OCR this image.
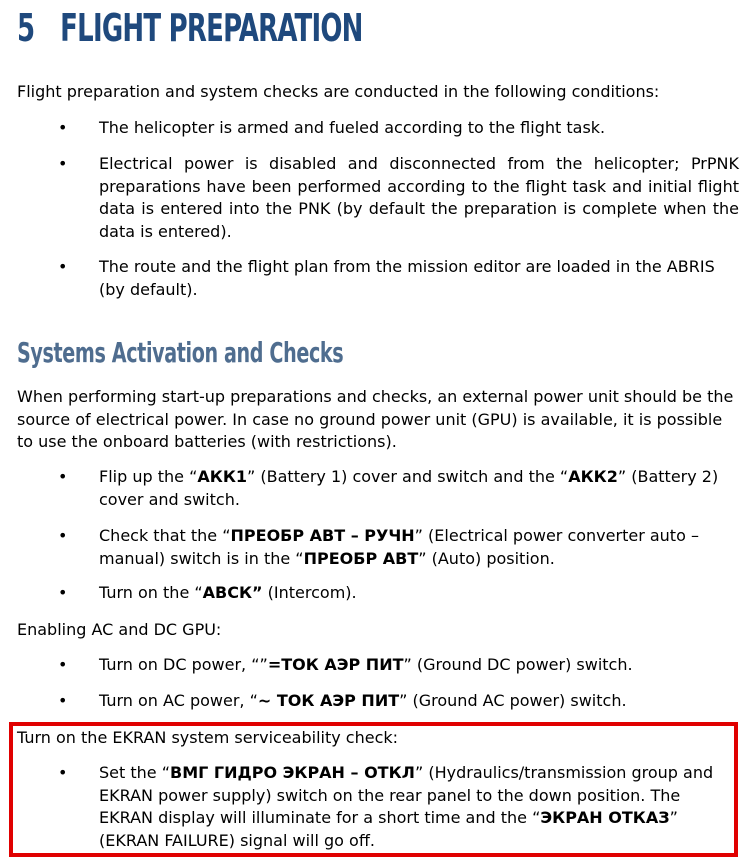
5 FLIGHT PREPARATION

Flight preparation and system checks are conducted in the following conditions:

• The helicopter is armed and fueled according to the flight task.

• Electrical power is disabled and disconnected from the helicopter; PrPNK preparations have been performed according to the flight task and initial flight data is entered into the PNK (by default the preparation is complete when the data is entered).

• The route and the flight plan from the mission editor are loaded in the ABRIS (by default).

Systems Activation and Checks

When performing start-up preparations and checks, an external power unit should be the source of electrical power. In case no ground power unit (GPU) is available, it is possible to use the onboard batteries (with restrictions).

• Flip up the “АКК1” (Battery 1) cover and switch and the “АКК2” (Battery 2) cover and switch.

• Check that the “ПРЕОБР АВТ – РУЧН” (Electrical power converter auto – manual) switch is in the “ПРЕОБР АВТ” (Auto) position.

• Turn on the “АВСК” (Intercom).

Enabling AC and DC GPU:

• Turn on DC power, “”=ТОК АЭР ПИТ” (Ground DC power) switch.

• Turn on AC power, “~ ТОК АЭР ПИТ” (Ground AC power) switch.

Turn on the EKRAN system serviceability check:

• Set the “ВМГ ГИДРО ЭКРАН – ОТКЛ” (Hydraulics/transmission group and EKRAN power supply) switch on the rear panel to the down position. The EKRAN display will illuminate for a short time and the “ЭКРАН ОТКАЗ” (EKRAN FAILURE) signal will go off.
